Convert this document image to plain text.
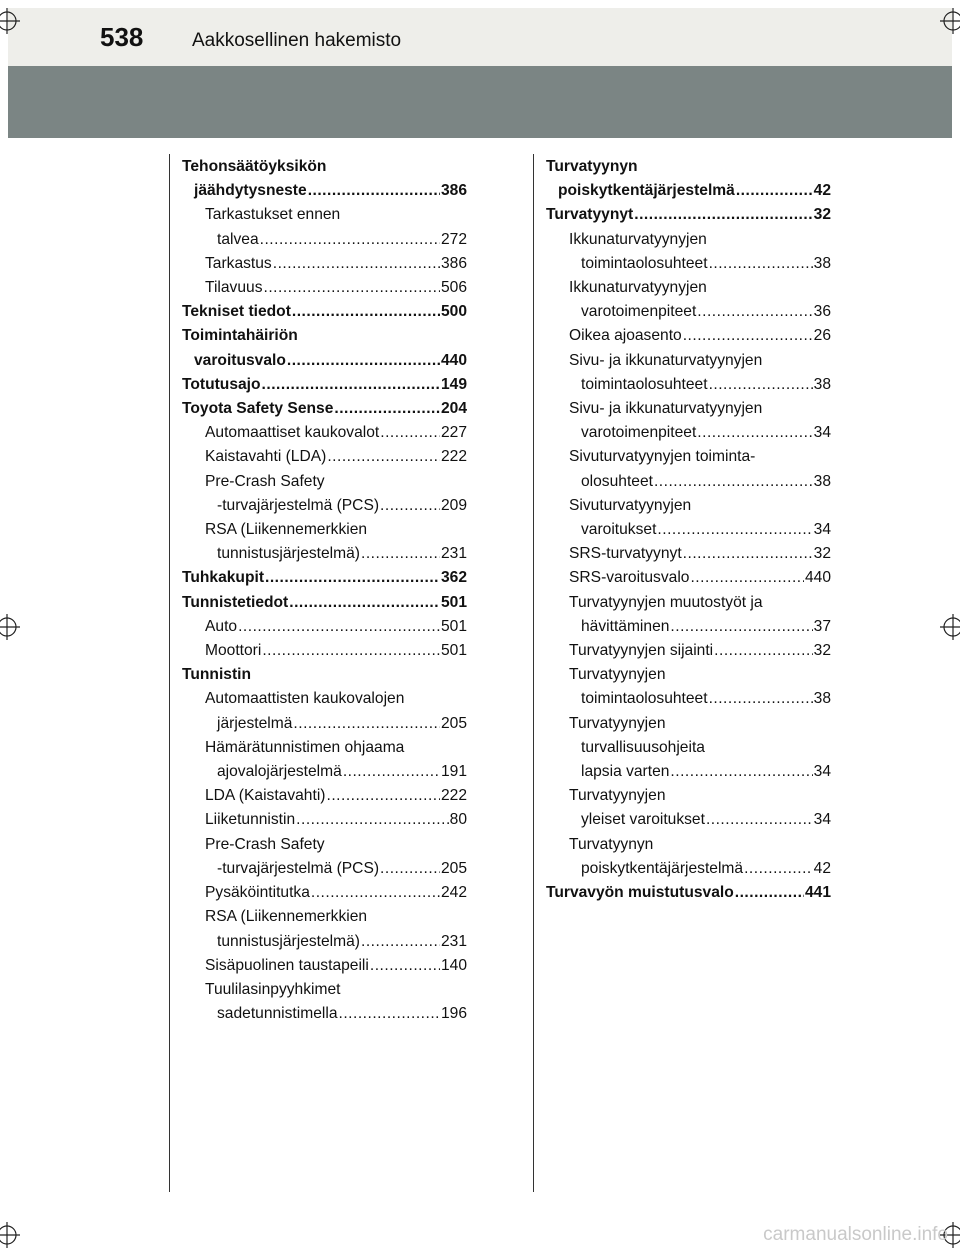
538	Aakkosellinen hakemisto
Tehonsäätöyksikön
jäähdytysneste .....	386
Tarkastukset ennen
talvea .....	272
Tarkastus .....	386
Tilavuus .....	506
Tekniset tiedot .....	500
Toimintahäiriön
varoitusvalo .....	440
Totutusajo .....	149
Toyota Safety Sense .....	204
Automaattiset kaukovalot .....	227
Kaistavahti (LDA) .....	222
Pre-Crash Safety
-turvajärjestelmä (PCS) .....	209
RSA (Liikennemerkkien
tunnistusjärjestelmä) .....	231
Tuhkakupit .....	362
Tunnistetiedot .....	501
Auto .....	501
Moottori .....	501
Tunnistin
Automaattisten kaukovalojen
järjestelmä .....	205
Hämärätunnistimen ohjaama
ajovalojärjestelmä .....	191
LDA (Kaistavahti) .....	222
Liiketunnistin .....	80
Pre-Crash Safety
-turvajärjestelmä (PCS) .....	205
Pysäköintitutka .....	242
RSA (Liikennemerkkien
tunnistusjärjestelmä) .....	231
Sisäpuolinen taustapeili .....	140
Tuulilasinpyyhkimet
sadetunnistimella .....	196
Turvatyynyn
poiskytkentäjärjestelmä .....	42
Turvatyynyt .....	32
Ikkunaturvatyynyjen
toimintaolosuhteet .....	38
Ikkunaturvatyynyjen
varotoimenpiteet .....	36
Oikea ajoasento .....	26
Sivu- ja ikkunaturvatyynyjen
toimintaolosuhteet .....	38
Sivu- ja ikkunaturvatyynyjen
varotoimenpiteet .....	34
Sivuturvatyynyjen toiminta-
olosuhteet .....	38
Sivuturvatyynyjen
varoitukset .....	34
SRS-turvatyynyt .....	32
SRS-varoitusvalo .....	440
Turvatyynyjen muutostyöt ja
hävittäminen .....	37
Turvatyynyjen sijainti .....	32
Turvatyynyjen
toimintaolosuhteet .....	38
Turvatyynyjen
turvallisuusohjeita
lapsia varten .....	34
Turvatyynyjen
yleiset varoitukset .....	34
Turvatyynyn
poiskytkentäjärjestelmä .....	42
Turvavyön muistutusvalo .....	441
carmanualsonline.info
